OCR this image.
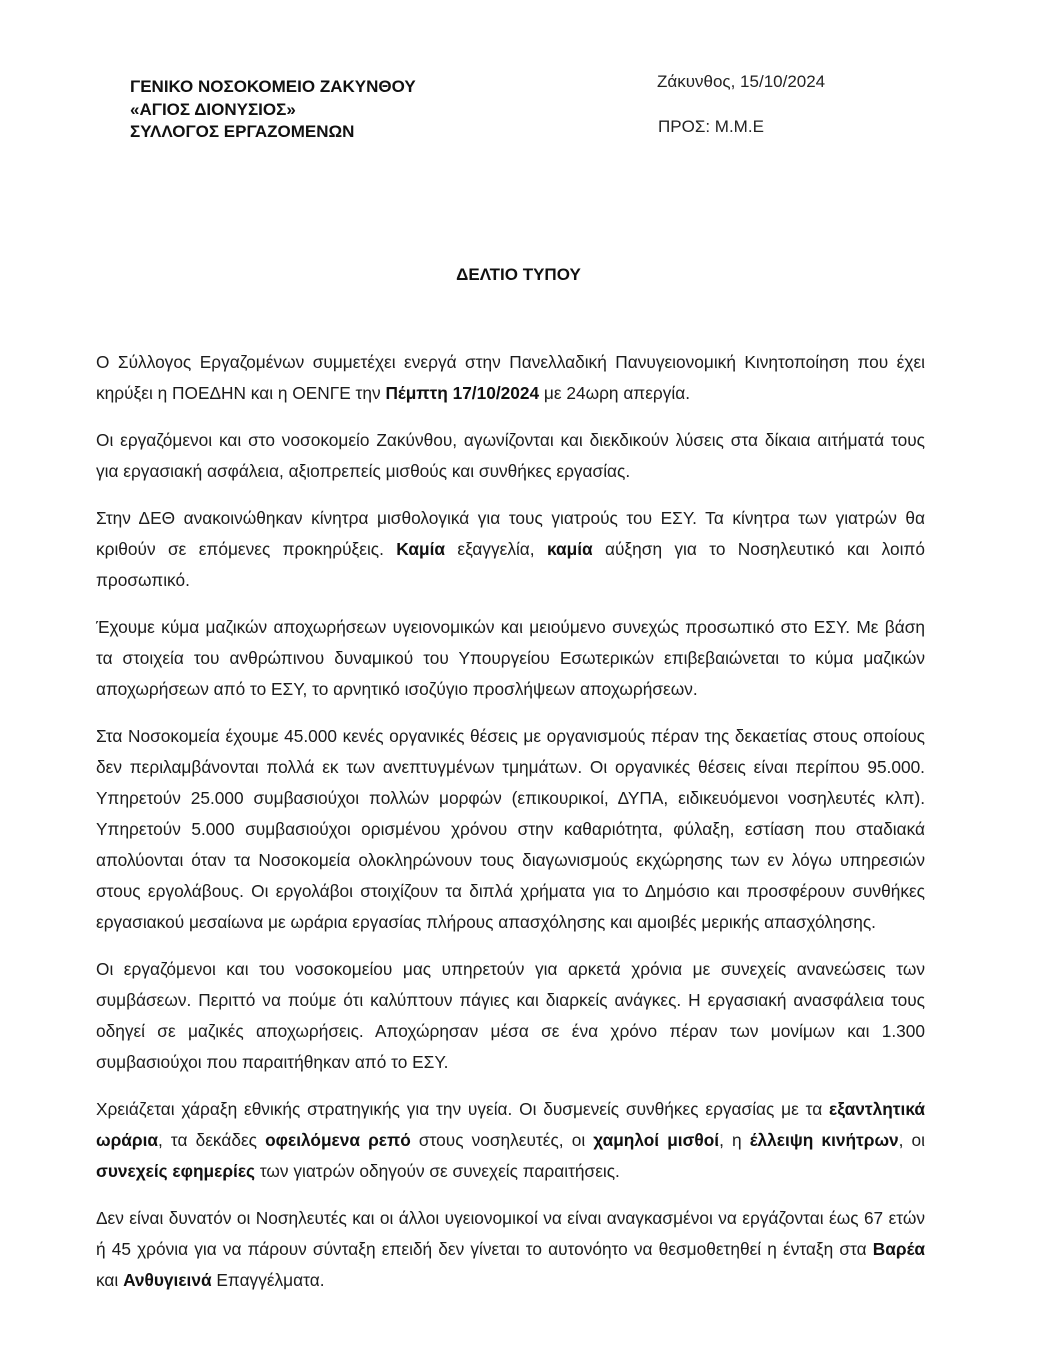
ΓΕΝΙΚΟ ΝΟΣΟΚΟΜΕΙΟ ΖΑΚΥΝΘΟΥ
«ΑΓΙΟΣ ΔΙΟΝΥΣΙΟΣ»
ΣΥΛΛΟΓΟΣ ΕΡΓΑΖΟΜΕΝΩΝ
Ζάκυνθος, 15/10/2024
ΠΡΟΣ: Μ.Μ.Ε
ΔΕΛΤΙΟ ΤΥΠΟΥ

Ο Σύλλογος Εργαζομένων συμμετέχει ενεργά στην Πανελλαδική Πανυγειονομική Κινητοποίηση που έχει κηρύξει η ΠΟΕΔΗΝ και η ΟΕΝΓΕ την Πέμπτη 17/10/2024 με 24ωρη απεργία.

Οι εργαζόμενοι και στο νοσοκομείο Ζακύνθου, αγωνίζονται και διεκδικούν λύσεις στα δίκαια αιτήματά τους για εργασιακή ασφάλεια, αξιοπρεπείς μισθούς και συνθήκες εργασίας.

Στην ΔΕΘ ανακοινώθηκαν κίνητρα μισθολογικά για τους γιατρούς του ΕΣΥ. Τα κίνητρα των γιατρών θα κριθούν σε επόμενες προκηρύξεις. Καμία εξαγγελία, καμία αύξηση για το Νοσηλευτικό και λοιπό προσωπικό.

Έχουμε κύμα μαζικών αποχωρήσεων υγειονομικών και μειούμενο συνεχώς προσωπικό στο ΕΣΥ. Με βάση τα στοιχεία του ανθρώπινου δυναμικού του Υπουργείου Εσωτερικών επιβεβαιώνεται το κύμα μαζικών αποχωρήσεων από το ΕΣΥ, το αρνητικό ισοζύγιο προσλήψεων αποχωρήσεων.

Στα Νοσοκομεία έχουμε 45.000 κενές οργανικές θέσεις με οργανισμούς πέραν της δεκαετίας στους οποίους δεν περιλαμβάνονται πολλά εκ των ανεπτυγμένων τμημάτων. Οι οργανικές θέσεις είναι περίπου 95.000. Υπηρετούν 25.000 συμβασιούχοι πολλών μορφών (επικουρικοί, ΔΥΠΑ, ειδικευόμενοι νοσηλευτές κλπ). Υπηρετούν 5.000 συμβασιούχοι ορισμένου χρόνου στην καθαριότητα, φύλαξη, εστίαση που σταδιακά απολύονται όταν τα Νοσοκομεία ολοκληρώνουν τους διαγωνισμούς εκχώρησης των εν λόγω υπηρεσιών στους εργολάβους. Οι εργολάβοι στοιχίζουν τα διπλά χρήματα για το Δημόσιο και προσφέρουν συνθήκες εργασιακού μεσαίωνα με ωράρια εργασίας πλήρους απασχόλησης και αμοιβές μερικής απασχόλησης.

Οι εργαζόμενοι και του νοσοκομείου μας υπηρετούν για αρκετά χρόνια με συνεχείς ανανεώσεις των συμβάσεων. Περιττό να πούμε ότι καλύπτουν πάγιες και διαρκείς ανάγκες. Η εργασιακή ανασφάλεια τους οδηγεί σε μαζικές αποχωρήσεις. Αποχώρησαν μέσα σε ένα χρόνο πέραν των μονίμων και 1.300 συμβασιούχοι που παραιτήθηκαν από το ΕΣΥ.

Χρειάζεται χάραξη εθνικής στρατηγικής για την υγεία. Οι δυσμενείς συνθήκες εργασίας με τα εξαντλητικά ωράρια, τα δεκάδες οφειλόμενα ρεπό στους νοσηλευτές, οι χαμηλοί μισθοί, η έλλειψη κινήτρων, οι συνεχείς εφημερίες των γιατρών οδηγούν σε συνεχείς παραιτήσεις.

Δεν είναι δυνατόν οι Νοσηλευτές και οι άλλοι υγειονομικοί να είναι αναγκασμένοι να εργάζονται έως 67 ετών ή 45 χρόνια για να πάρουν σύνταξη επειδή δεν γίνεται το αυτονόητο να θεσμοθετηθεί η ένταξη στα Βαρέα και Ανθυγιεινά Επαγγέλματα.
